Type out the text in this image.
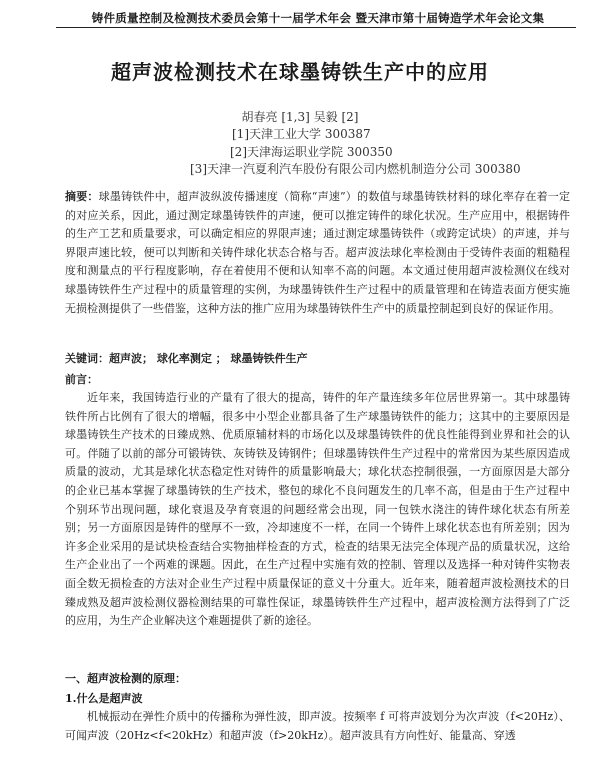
铸件质量控制及检测技术委员会第十一届学术年会 暨天津市第十届铸造学术年会论文集
超声波检测技术在球墨铸铁生产中的应用
胡春亮 [1,3] 吴毅 [2]
[1]天津工业大学 300387
[2]天津海运职业学院 300350
[3]天津一汽夏利汽车股份有限公司内燃机制造分公司 300380
摘要：球墨铸铁件中，超声波纵波传播速度（简称“声速”）的数值与球墨铸铁材料的球化率存在着一定的对应关系，因此，通过测定球墨铸铁件的声速，便可以推定铸件的球化状况。生产应用中，根据铸件的生产工艺和质量要求，可以确定相应的界限声速；通过测定球墨铸铁件（或跨定试块）的声速，并与界限声速比较，便可以判断和关铸件球化状态合格与否。超声波法球化率检测由于受铸件表面的粗糙程度和测量点的平行程度影响，存在着使用不便和认知率不高的问题。本文通过使用超声波检测仪在线对球墨铸铁件生产过程中的质量管理的实例，为球墨铸铁件生产过程中的质量管理和在铸造表面方便实施无损检测提供了一些借鉴，这种方法的推广应用为球墨铸铁件生产中的质量控制起到良好的保证作用。
关键词：超声波； 球化率测定 ； 球墨铸铁件生产
前言：
近年来，我国铸造行业的产量有了很大的提高，铸件的年产量连续多年位居世界第一。其中球墨铸铁件所占比例有了很大的增幅，很多中小型企业都具备了生产球墨铸铁件的能力；这其中的主要原因是球墨铸铁生产技术的日臻成熟、优质原辅材料的市场化以及球墨铸铁件的优良性能得到业界和社会的认可。伴随了以前的部分可锻铸铁、灰铸铁及铸钢件；但球墨铸铁件生产过程中的常常因为某些原因造成质量的波动，尤其是球化状态稳定性对铸件的质量影响最大；球化状态控制很强，一方面原因是大部分的企业已基本掌握了球墨铸铁的生产技术，整包的球化不良问题发生的几率不高，但是由于生产过程中个别环节出现问题，球化衰退及孕育衰退的问题经常会出现，同一包铁水浇注的铸件球化状态有所差别；另一方面原因是铸件的壁厚不一致，冷却速度不一样，在同一个铸件上球化状态也有所差别；因为许多企业采用的是试块检查结合实物抽样检查的方式，检查的结果无法完全体现产品的质量状况，这给生产企业出了一个两难的课题。因此，在生产过程中实施有效的控制、管理以及选择一种对铸件实物表面全数无损检查的方法对企业生产过程中质量保证的意义十分重大。近年来，随着超声波检测技术的日臻成熟及超声波检测仪器检测结果的可靠性保证，球墨铸铁件生产过程中，超声波检测方法得到了广泛的应用，为生产企业解决这个难题提供了新的途径。
一、超声波检测的原理：
1.什么是超声波
机械振动在弹性介质中的传播称为弹性波，即声波。按频率 f 可将声波划分为次声波（f<20Hz）、可闻声波（20Hz<f<20kHz）和超声波（f>20kHz）。超声波具有方向性好、能量高、穿透
